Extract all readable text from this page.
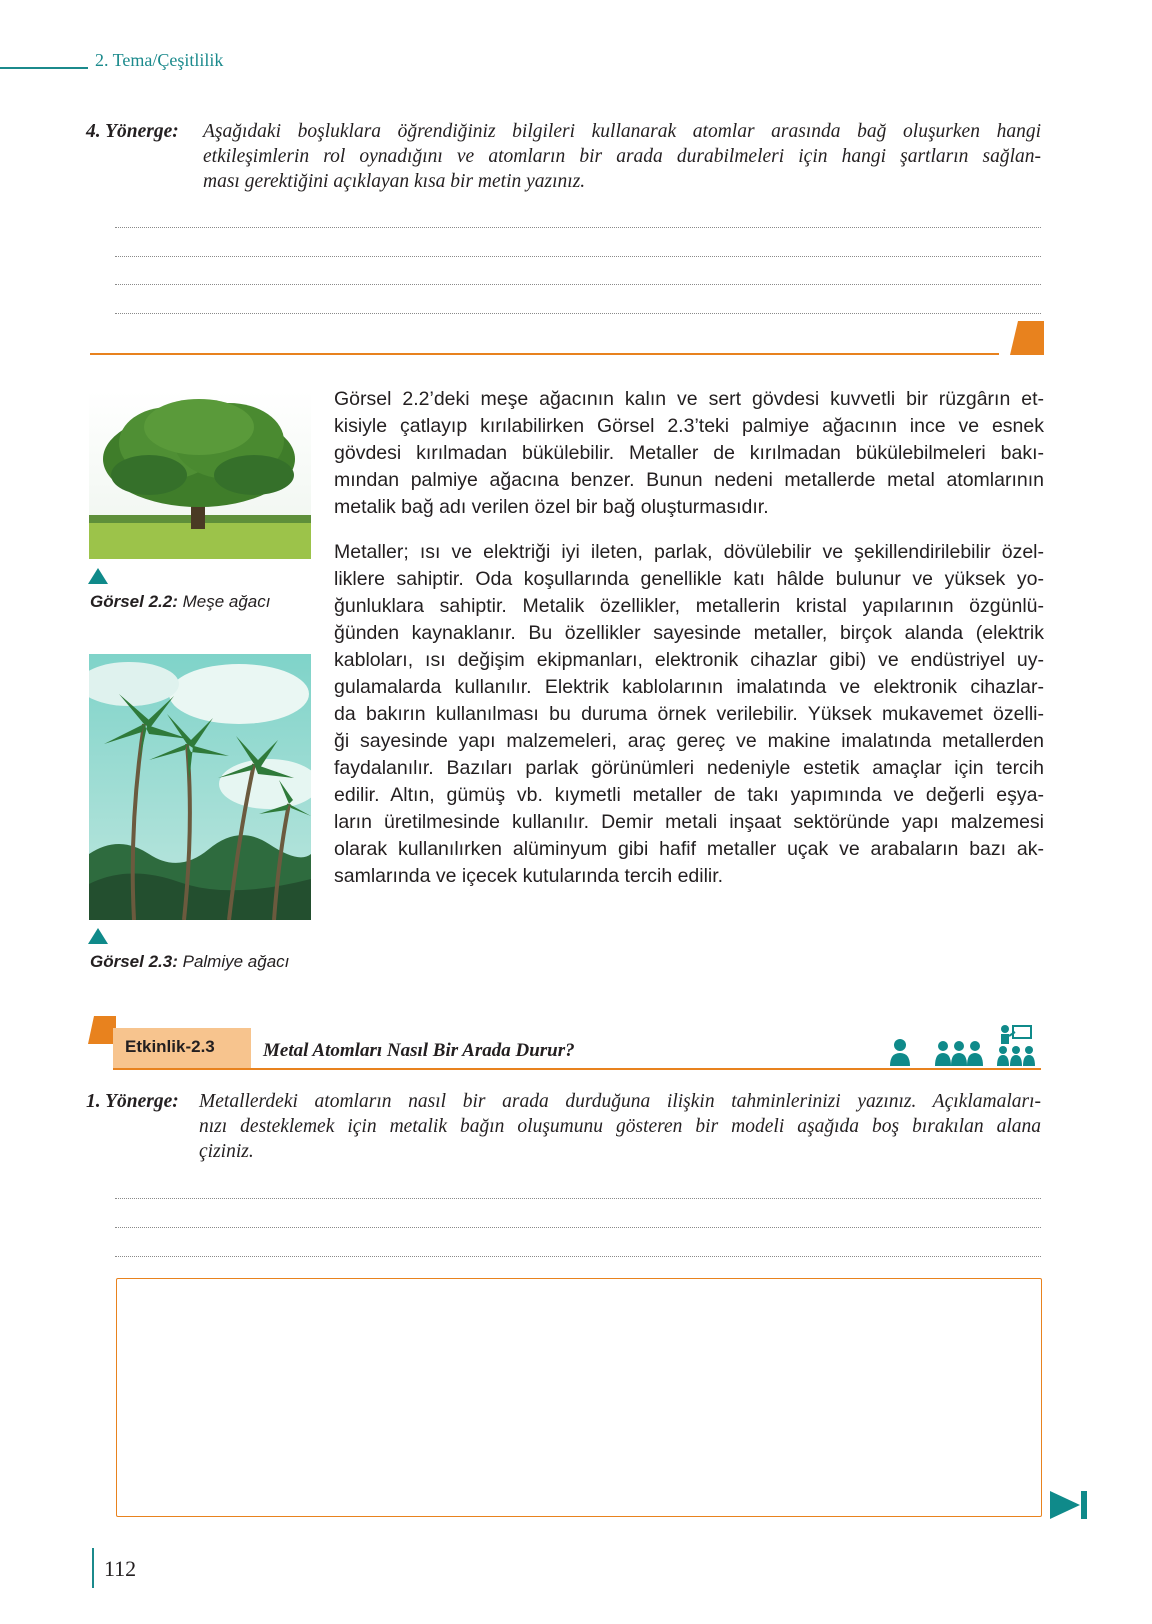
2. Tema/Çeşitlilik
4. Yönerge: Aşağıdaki boşluklara öğrendiğiniz bilgileri kullanarak atomlar arasında bağ oluşurken hangi
etkileşimlerin rol oynadığını ve atomların bir arada durabilmeleri için hangi şartların sağlan-
ması gerektiğini açıklayan kısa bir metin yazınız.
Görsel 2.2: Meşe ağacı
Görsel 2.3: Palmiye ağacı
Görsel 2.2’deki meşe ağacının kalın ve sert gövdesi kuvvetli bir rüzgârın et-
kisiyle çatlayıp kırılabilirken Görsel 2.3’teki palmiye ağacının ince ve esnek
gövdesi kırılmadan bükülebilir. Metaller de kırılmadan bükülebilmeleri bakı-
mından palmiye ağacına benzer. Bunun nedeni metallerde metal atomlarının
metalik bağ adı verilen özel bir bağ oluşturmasıdır.
Metaller; ısı ve elektriği iyi ileten, parlak, dövülebilir ve şekillendirilebilir özel-
liklere sahiptir. Oda koşullarında genellikle katı hâlde bulunur ve yüksek yo-
ğunluklara sahiptir. Metalik özellikler, metallerin kristal yapılarının özgünlü-
ğünden kaynaklanır. Bu özellikler sayesinde metaller, birçok alanda (elektrik
kabloları, ısı değişim ekipmanları, elektronik cihazlar gibi) ve endüstriyel uy-
gulamalarda kullanılır. Elektrik kablolarının imalatında ve elektronik cihazlar-
da bakırın kullanılması bu duruma örnek verilebilir. Yüksek mukavemet özelli-
ği sayesinde yapı malzemeleri, araç gereç ve makine imalatında metallerden
faydalanılır. Bazıları parlak görünümleri nedeniyle estetik amaçlar için tercih
edilir. Altın, gümüş vb. kıymetli metaller de takı yapımında ve değerli eşya-
ların üretilmesinde kullanılır. Demir metali inşaat sektöründe yapı malzemesi
olarak kullanılırken alüminyum gibi hafif metaller uçak ve arabaların bazı ak-
samlarında ve içecek kutularında tercih edilir.
Etkinlik-2.3	Metal Atomları Nasıl Bir Arada Durur?
1. Yönerge: Metallerdeki atomların nasıl bir arada durduğuna ilişkin tahminlerinizi yazınız. Açıklamaları-
nızı desteklemek için metalik bağın oluşumunu gösteren bir modeli aşağıda boş bırakılan alana
çiziniz.
112
